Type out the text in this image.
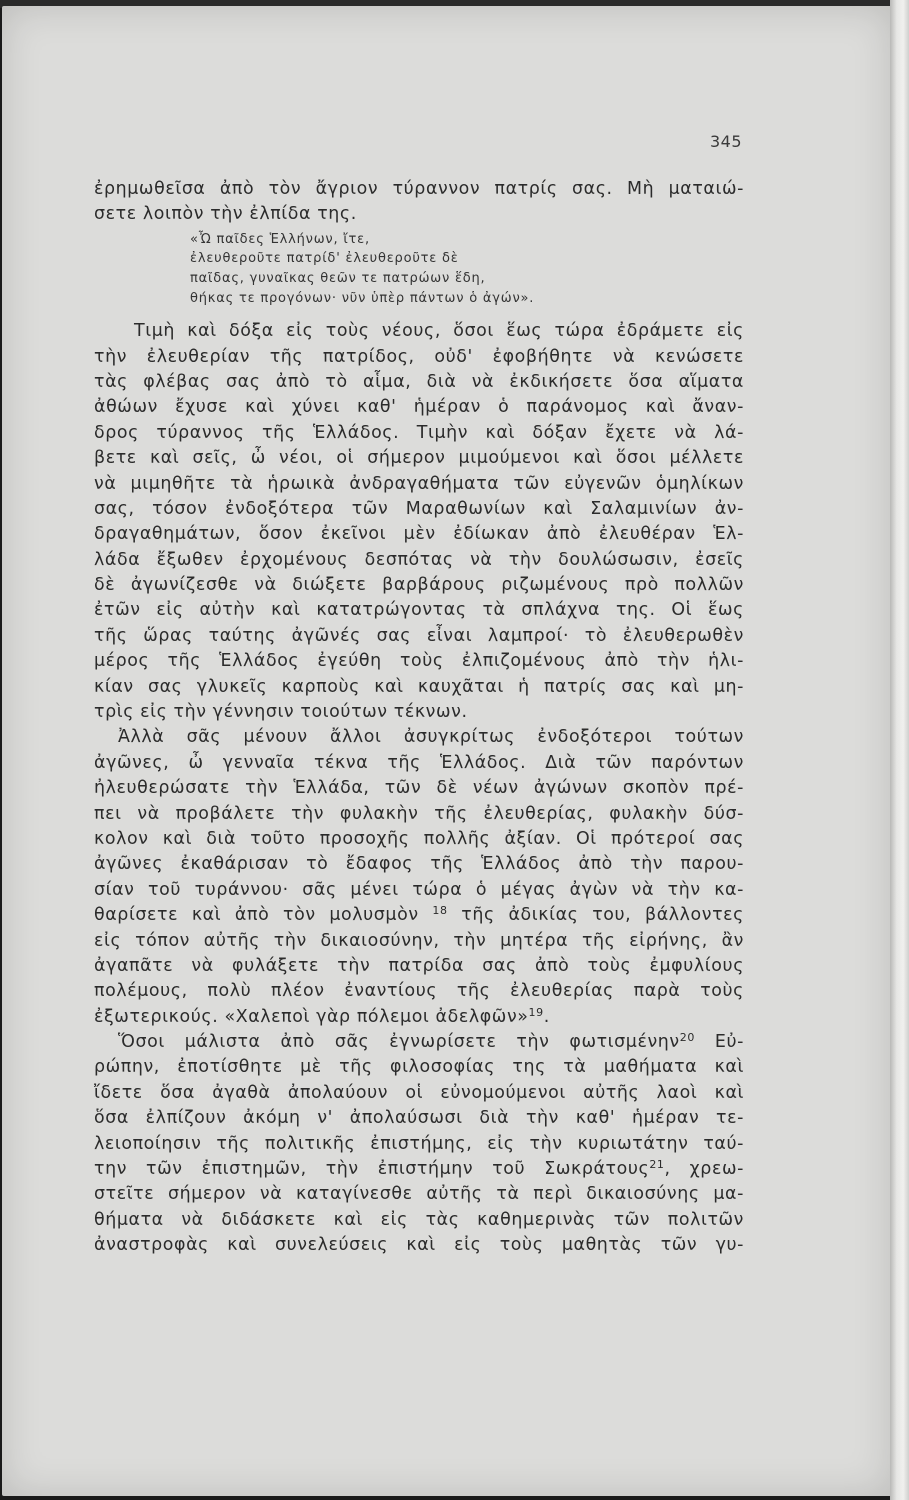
345
ἐρημωθεῖσα ἀπὸ τὸν ἄγριον τύραννον πατρίς σας. Μὴ ματαιώ-
σετε λοιπὸν τὴν ἐλπίδα της.
«Ὦ παῖδες Ἑλλήνων, ἴτε,
ἐλευθεροῦτε πατρίδ' ἐλευθεροῦτε δὲ
παῖδας, γυναῖκας θεῶν τε πατρώων ἕδη,
θήκας τε προγόνων· νῦν ὑπὲρ πάντων ὁ ἀγών».
Τιμὴ καὶ δόξα εἰς τοὺς νέους, ὅσοι ἕως τώρα ἐδράμετε εἰς
τὴν ἐλευθερίαν τῆς πατρίδος, οὐδ' ἐφοβήθητε νὰ κενώσετε
τὰς φλέβας σας ἀπὸ τὸ αἷμα, διὰ νὰ ἐκδικήσετε ὅσα αἵματα
ἀθώων ἔχυσε καὶ χύνει καθ' ἡμέραν ὁ παράνομος καὶ ἄναν-
δρος τύραννος τῆς Ἑλλάδος. Τιμὴν καὶ δόξαν ἔχετε νὰ λά-
βετε καὶ σεῖς, ὦ νέοι, οἱ σήμερον μιμούμενοι καὶ ὅσοι μέλλετε
νὰ μιμηθῆτε τὰ ἡρωικὰ ἀνδραγαθήματα τῶν εὐγενῶν ὁμηλίκων
σας, τόσον ἐνδοξότερα τῶν Μαραθωνίων καὶ Σαλαμινίων ἀν-
δραγαθημάτων, ὅσον ἐκεῖνοι μὲν ἐδίωκαν ἀπὸ ἐλευθέραν Ἑλ-
λάδα ἔξωθεν ἐρχομένους δεσπότας νὰ τὴν δουλώσωσιν, ἐσεῖς
δὲ ἀγωνίζεσθε νὰ διώξετε βαρβάρους ριζωμένους πρὸ πολλῶν
ἐτῶν εἰς αὐτὴν καὶ κατατρώγοντας τὰ σπλάχνα της. Οἱ ἕως
τῆς ὥρας ταύτης ἀγῶνές σας εἶναι λαμπροί· τὸ ἐλευθερωθὲν
μέρος τῆς Ἑλλάδος ἐγεύθη τοὺς ἐλπιζομένους ἀπὸ τὴν ἡλι-
κίαν σας γλυκεῖς καρποὺς καὶ καυχᾶται ἡ πατρίς σας καὶ μη-
τρὶς εἰς τὴν γέννησιν τοιούτων τέκνων.
Ἀλλὰ σᾶς μένουν ἄλλοι ἀσυγκρίτως ἐνδοξότεροι τούτων
ἀγῶνες, ὦ γενναῖα τέκνα τῆς Ἑλλάδος. Διὰ τῶν παρόντων
ἠλευθερώσατε τὴν Ἑλλάδα, τῶν δὲ νέων ἀγώνων σκοπὸν πρέ-
πει νὰ προβάλετε τὴν φυλακὴν τῆς ἐλευθερίας, φυλακὴν δύσ-
κολον καὶ διὰ τοῦτο προσοχῆς πολλῆς ἀξίαν. Οἱ πρότεροί σας
ἀγῶνες ἐκαθάρισαν τὸ ἔδαφος τῆς Ἑλλάδος ἀπὸ τὴν παρου-
σίαν τοῦ τυράννου· σᾶς μένει τώρα ὁ μέγας ἀγὼν νὰ τὴν κα-
θαρίσετε καὶ ἀπὸ τὸν μολυσμὸν $^{18}$ τῆς ἀδικίας του, βάλλοντες
εἰς τόπον αὐτῆς τὴν δικαιοσύνην, τὴν μητέρα τῆς εἰρήνης, ἂν
ἀγαπᾶτε νὰ φυλάξετε τὴν πατρίδα σας ἀπὸ τοὺς ἐμφυλίους
πολέμους, πολὺ πλέον ἐναντίους τῆς ἐλευθερίας παρὰ τοὺς
ἐξωτερικούς. «Χαλεποὶ γὰρ πόλεμοι ἀδελφῶν»$^{19}$.
Ὅσοι μάλιστα ἀπὸ σᾶς ἐγνωρίσετε τὴν φωτισμένην$^{20}$ Εὐ-
ρώπην, ἐποτίσθητε μὲ τῆς φιλοσοφίας της τὰ μαθήματα καὶ
ἴδετε ὅσα ἀγαθὰ ἀπολαύουν οἱ εὐνομούμενοι αὐτῆς λαοὶ καὶ
ὅσα ἐλπίζουν ἀκόμη ν' ἀπολαύσωσι διὰ τὴν καθ' ἡμέραν τε-
λειοποίησιν τῆς πολιτικῆς ἐπιστήμης, εἰς τὴν κυριωτάτην ταύ-
την τῶν ἐπιστημῶν, τὴν ἐπιστήμην τοῦ Σωκράτους$^{21}$, χρεω-
στεῖτε σήμερον νὰ καταγίνεσθε αὐτῆς τὰ περὶ δικαιοσύνης μα-
θήματα νὰ διδάσκετε καὶ εἰς τὰς καθημερινὰς τῶν πολιτῶν
ἀναστροφὰς καὶ συνελεύσεις καὶ εἰς τοὺς μαθητὰς τῶν γυ-
